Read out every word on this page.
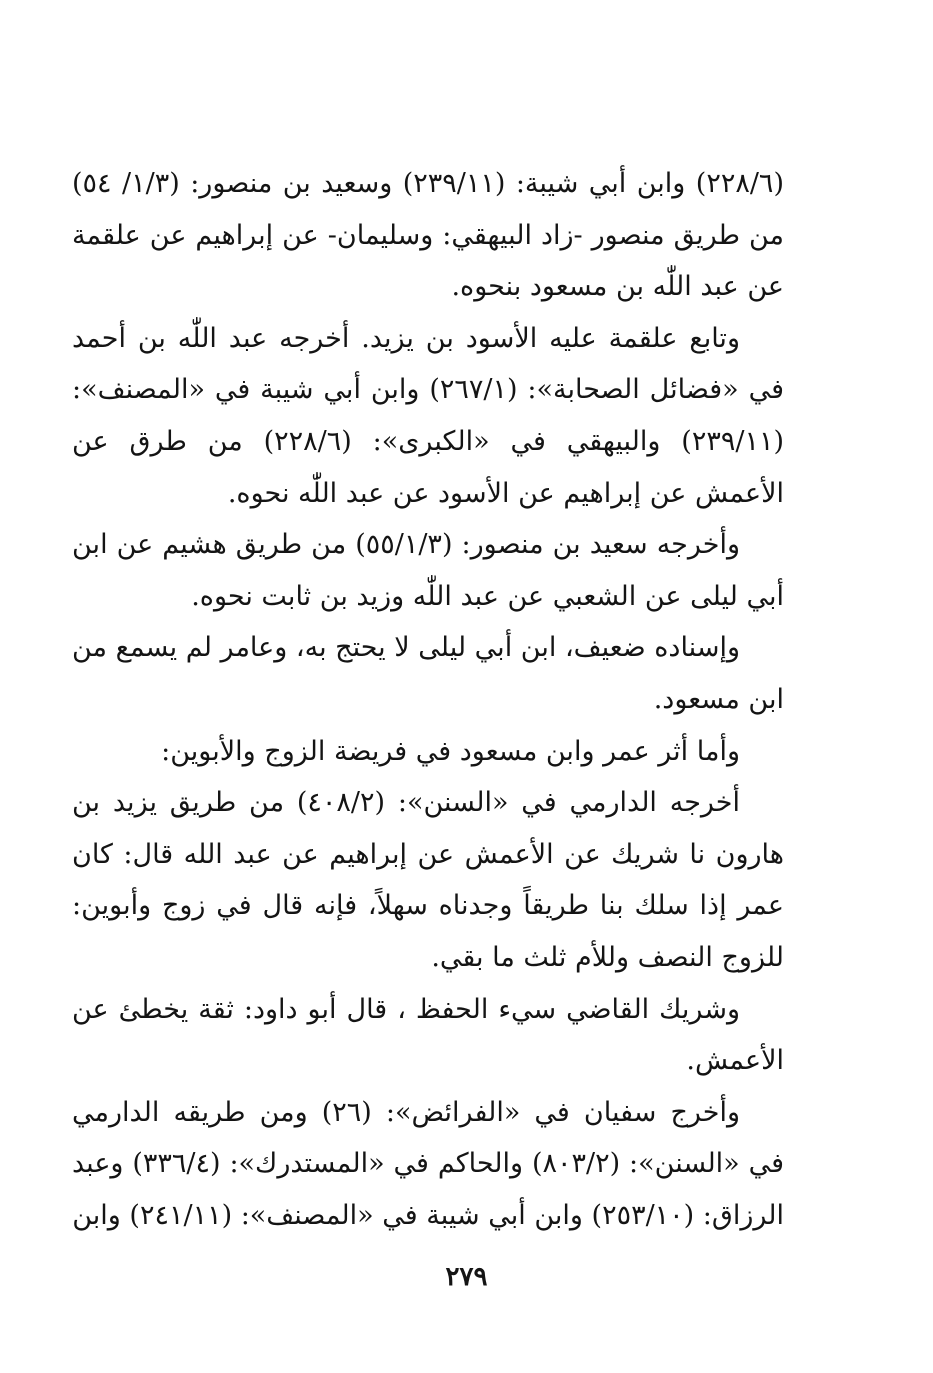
(٢٢٨/٦) وابن أبي شيبة: (٢٣٩/١١) وسعيد بن منصور: (١/٣/ ٥٤) من طريق منصور -زاد البيهقي: وسليمان- عن إبراهيم عن علقمة عن عبد اللّٰه بن مسعود بنحوه.

وتابع علقمة عليه الأسود بن يزيد. أخرجه عبد اللّٰه بن أحمد في «فضائل الصحابة»: (٢٦٧/١) وابن أبي شيبة في «المصنف»: (٢٣٩/١١) والبيهقي في «الكبرى»: (٢٢٨/٦) من طرق عن الأعمش عن إبراهيم عن الأسود عن عبد اللّٰه نحوه.

وأخرجه سعيد بن منصور: (٥٥/١/٣) من طريق هشيم عن ابن أبي ليلى عن الشعبي عن عبد اللّٰه وزيد بن ثابت نحوه.

وإسناده ضعيف، ابن أبي ليلى لا يحتج به، وعامر لم يسمع من ابن مسعود.

وأما أثر عمر وابن مسعود في فريضة الزوج والأبوين:

أخرجه الدارمي في «السنن»: (٤٠٨/٢) من طريق يزيد بن هارون نا شريك عن الأعمش عن إبراهيم عن عبد الله قال: كان عمر إذا سلك بنا طريقاً وجدناه سهلاً، فإنه قال في زوج وأبوين: للزوج النصف وللأم ثلث ما بقي.

وشريك القاضي سيء الحفظ ، قال أبو داود: ثقة يخطئ عن الأعمش.

وأخرج سفيان في «الفرائض»: (٢٦) ومن طريقه الدارمي في «السنن»: (٨٠٣/٢) والحاكم في «المستدرك»: (٣٣٦/٤) وعبد الرزاق: (٢٥٣/١٠) وابن أبي شيبة في «المصنف»: (٢٤١/١١) وابن

٢٧٩
